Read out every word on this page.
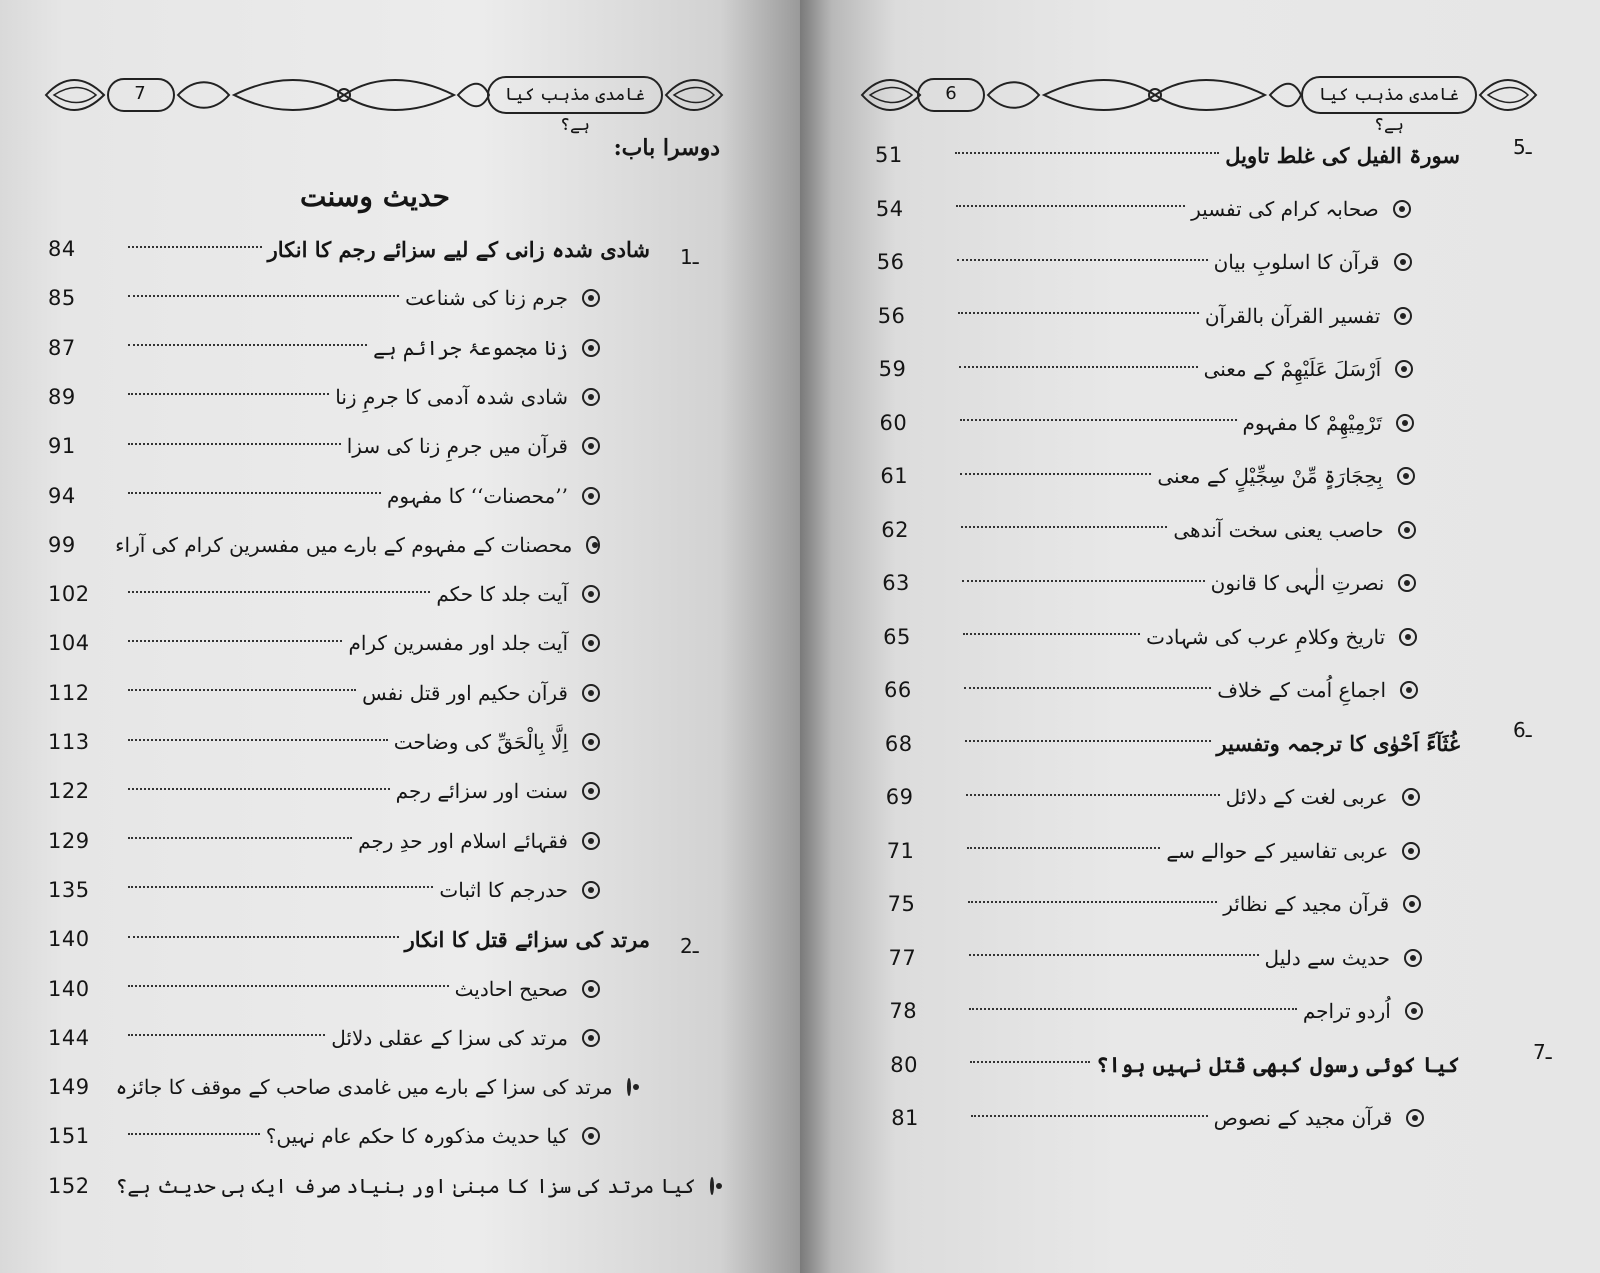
7	غامدی مذہب کیا ہے؟
دوسرا باب:
حدیث وسنت
1ـ
2ـ
84	شادی شدہ زانی کے لیے سزائے رجم کا انکار
85	جرم زنا کی شناعت
87	زنا مجموعۂ جرائم ہے
89	شادی شدہ آدمی کا جرمِ زنا
91	قرآن میں جرمِ زنا کی سزا
94	’’محصنات‘‘ کا مفہوم
99	محصنات کے مفہوم کے بارے میں مفسرین کرام کی آراء
102	آیت جلد کا حکم
104	آیت جلد اور مفسرین کرام
112	قرآن حکیم اور قتل نفس
113	اِلَّا بِالْحَقِّ کی وضاحت
122	سنت اور سزائے رجم
129	فقہائے اسلام اور حدِ رجم
135	حدرجم کا اثبات
140	مرتد کی سزائے قتل کا انکار
140	صحیح احادیث
144	مرتد کی سزا کے عقلی دلائل
149 مرتد کی سزا کے بارے میں غامدی صاحب کے موقف کا جائزہ
151	کیا حدیث مذکورہ کا حکم عام نہیں؟
152 کیا مرتد کی سزا کا مبنیٰ اور بنیاد صرف ایک ہی حدیث ہے؟
6	غامدی مذہب کیا ہے؟
5ـ
6ـ
7ـ
51	سورۃ الفیل کی غلط تاویل
54	صحابہ کرام کی تفسیر
56	قرآن کا اسلوبِ بیان
56	تفسیر القرآن بالقرآن
59	اَرْسَلَ عَلَیْھِمْ کے معنی
60	تَرْمِیْھِمْ کا مفہوم
61	بِحِجَارَۃٍ مِّنْ سِجِّیْلٍ کے معنی
62	حاصب یعنی سخت آندھی
63	نصرتِ الٰہی کا قانون
65	تاریخ وکلامِ عرب کی شہادت
66	اجماعِ اُمت کے خلاف
68	غُثَآءً اَحْوٰی کا ترجمہ وتفسیر
69	عربی لغت کے دلائل
71	عربی تفاسیر کے حوالے سے
75	قرآن مجید کے نظائر
77	حدیث سے دلیل
78	اُردو تراجم
80	کیا کوئی رسول کبھی قتل نہیں ہوا؟
81	قرآن مجید کے نصوص
